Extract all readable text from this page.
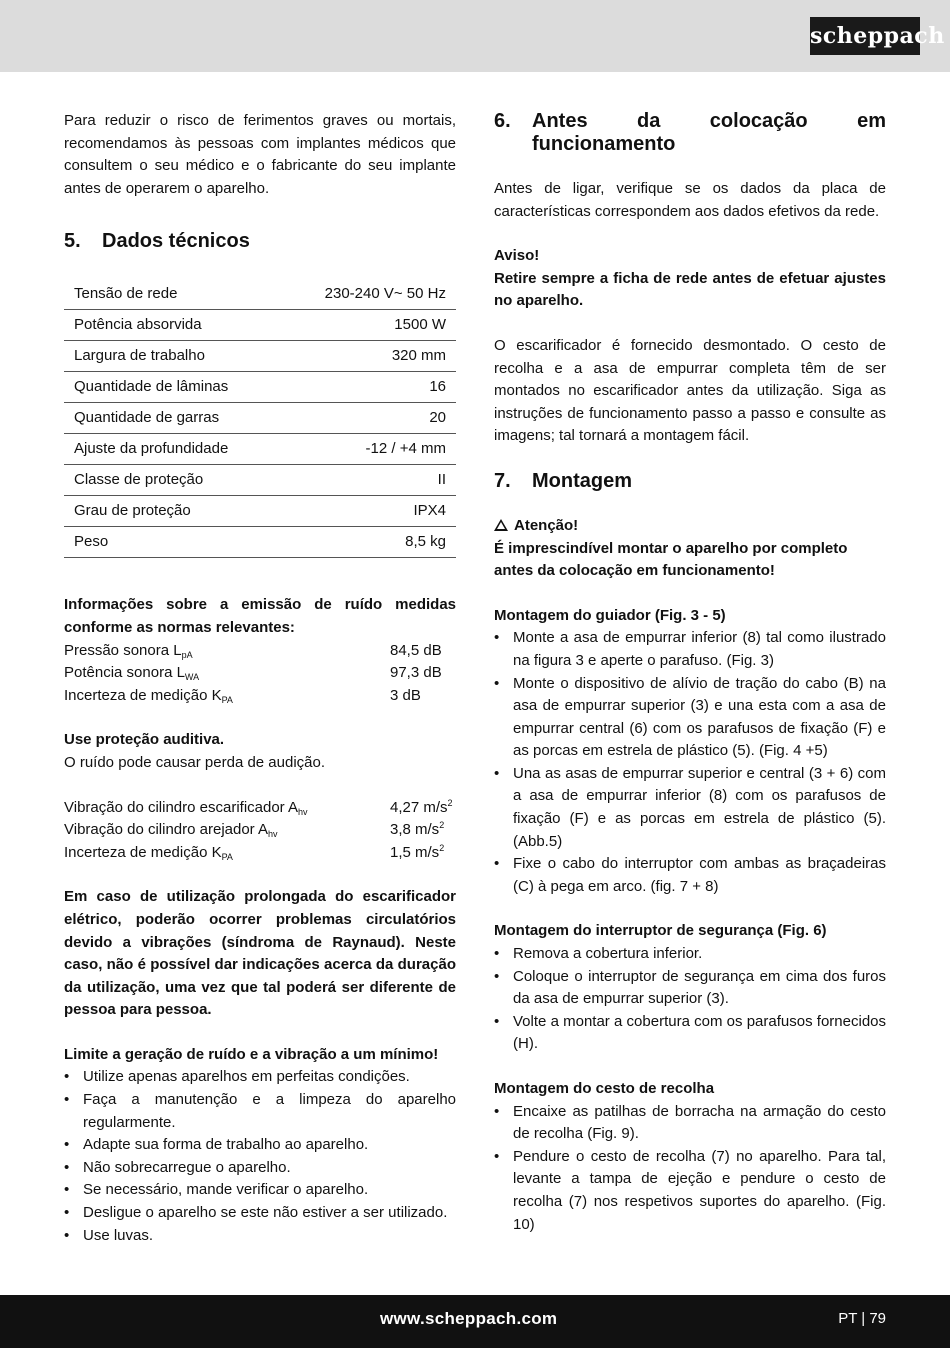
scheppach

Para reduzir o risco de ferimentos graves ou mortais, recomendamos às pessoas com implantes médicos que consultem o seu médico e o fabricante do seu implante antes de operarem o aparelho.

5.	Dados técnicos
Tensão de rede	230-240 V~ 50 Hz
Potência absorvida	1500 W
Largura de trabalho	320 mm
Quantidade de lâminas	16
Quantidade de garras	20
Ajuste da profundidade	-12 / +4 mm
Classe de proteção	II
Grau de proteção	IPX4
Peso	8,5 kg

Informações sobre a emissão de ruído medidas conforme as normas relevantes:

Pressão sonora $L_{pA}$	84,5 dB
Potência sonora $L_{WA}$	97,3 dB
Incerteza de medição $K_{PA}$	3 dB

Use proteção auditiva.

O ruído pode causar perda de audição.

Vibração do cilindro escarificador $A_{hv}$	4,27 $m/s^2$
Vibração do cilindro arejador $A_{hv}$	3,8 $m/s^2$
Incerteza de medição $K_{PA}$	1,5 $m/s^2$

Em caso de utilização prolongada do escarificador elétrico, poderão ocorrer problemas circulatórios devido a vibrações (síndroma de Raynaud). Neste caso, não é possível dar indicações acerca da duração da utilização, uma vez que tal poderá ser diferente de pessoa para pessoa.

Limite a geração de ruído e a vibração a um mínimo!

• Utilize apenas aparelhos em perfeitas condições.
• Faça a manutenção e a limpeza do aparelho regularmente.
• Adapte sua forma de trabalho ao aparelho.
• Não sobrecarregue o aparelho.
• Se necessário, mande verificar o aparelho.
• Desligue o aparelho se este não estiver a ser utilizado.
• Use luvas.
6.	Antes da colocação em funcionamento

Antes de ligar, verifique se os dados da placa de características correspondem aos dados efetivos da rede.

Aviso!

Retire sempre a ficha de rede antes de efetuar ajustes no aparelho.

O escarificador é fornecido desmontado. O cesto de recolha e a asa de empurrar completa têm de ser montados no escarificador antes da utilização. Siga as instruções de funcionamento passo a passo e consulte as imagens; tal tornará a montagem fácil.

7.	Montagem

Atenção!

É imprescindível montar o aparelho por completo antes da colocação em funcionamento!

Montagem do guiador (Fig. 3 - 5)

• Monte a asa de empurrar inferior (8) tal como ilustrado na figura 3 e aperte o parafuso. (Fig. 3)
• Monte o dispositivo de alívio de tração do cabo (B) na asa de empurrar superior (3) e una esta com a asa de empurrar central (6) com os parafusos de fixação (F) e as porcas em estrela de plástico (5). (Fig. 4 +5)
• Una as asas de empurrar superior e central (3 + 6) com a asa de empurrar inferior (8) com os parafusos de fixação (F) e as porcas em estrela de plástico (5). (Abb.5)
• Fixe o cabo do interruptor com ambas as braçadeiras (C) à pega em arco. (fig. 7 + 8)

Montagem do interruptor de segurança (Fig. 6)

• Remova a cobertura inferior.
• Coloque o interruptor de segurança em cima dos furos da asa de empurrar superior (3).
• Volte a montar a cobertura com os parafusos fornecidos (H).

Montagem do cesto de recolha

• Encaixe as patilhas de borracha na armação do cesto de recolha (Fig. 9).
• Pendure o cesto de recolha (7) no aparelho. Para tal, levante a tampa de ejeção e pendure o cesto de recolha (7) nos respetivos suportes do aparelho. (Fig. 10)
www.scheppach.com	PT | 79
